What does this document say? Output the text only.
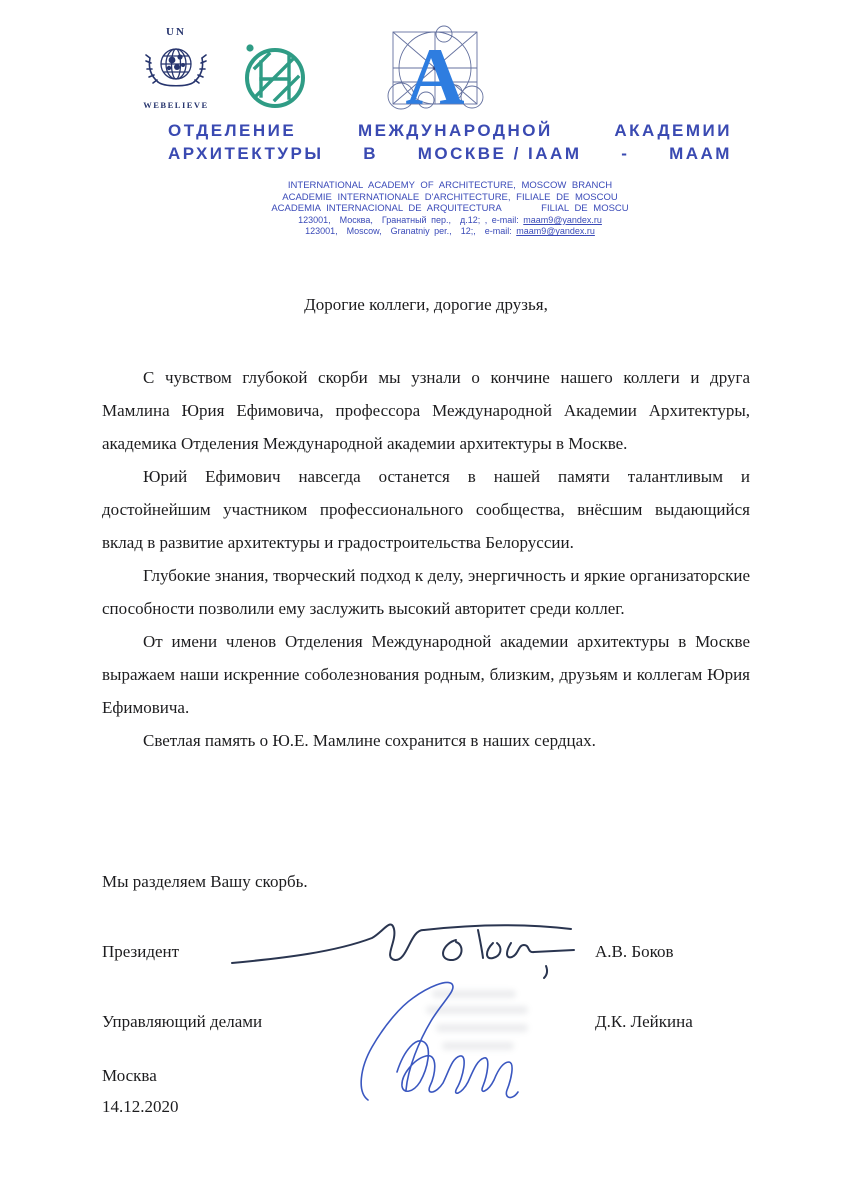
UN
WEBELIEVE A
ОТДЕЛЕНИЕ	МЕЖДУНАРОДНОЙ	АКАДЕМИИ
АРХИТЕКТУРЫ В МОСКВЕ / IAAM - МААМ
INTERNATIONAL ACADEMY OF ARCHITECTURE, MOSCOW BRANCH
ACADEMIE INTERNATIONALE D'ARCHITECTURE, FILIALE DE MOSCOU
ACADEMIA INTERNACIONAL DE ARQUITECTURA       FILIAL DE MOSCU
123001,  Москва,  Гранатный пер.,  д.12; , e-mail: maam9@yandex.ru
123001,  Moscow,  Granatniy per.,  12;,  e-mail: maam9@yandex.ru
Дорогие коллеги, дорогие друзья,

С чувством глубокой скорби мы узнали о кончине нашего коллеги и друга Мамлина Юрия Ефимовича, профессора Международной Академии Архитектуры, академика Отделения Международной академии архитектуры в Москве.

Юрий Ефимович навсегда останется в нашей памяти талантливым и достойнейшим участником профессионального сообщества, внёсшим выдающийся вклад в развитие архитектуры и градостроительства Белоруссии.

Глубокие знания, творческий подход к делу, энергичность и яркие организаторские способности позволили ему заслужить высокий авторитет среди коллег.

От имени членов Отделения Международной академии архитектуры в Москве выражаем наши искренние соболезнования родным, близким, друзьям и коллегам Юрия Ефимовича.

Светлая память о Ю.Е. Мамлине сохранится в наших сердцах.

Мы разделяем Вашу скорбь.
Президент	А.В. Боков
Управляющий делами	Д.К. Лейкина
Москва
14.12.2020
